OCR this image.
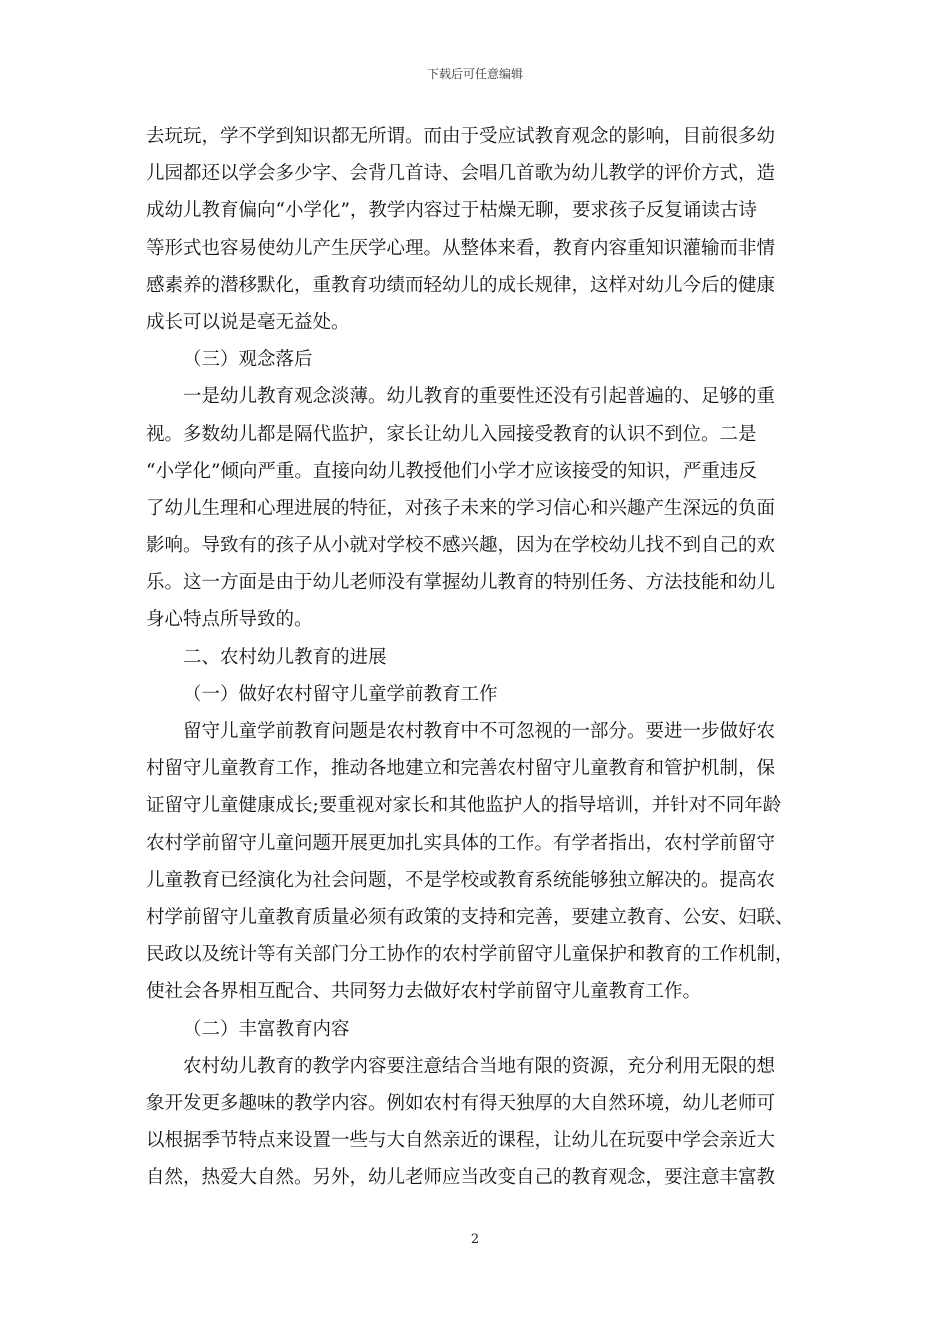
下载后可任意编辑
去玩玩，学不学到知识都无所谓。而由于受应试教育观念的影响，目前很多幼
儿园都还以学会多少字、会背几首诗、会唱几首歌为幼儿教学的评价方式，造
成幼儿教育偏向“小学化”，教学内容过于枯燥无聊，要求孩子反复诵读古诗
等形式也容易使幼儿产生厌学心理。从整体来看，教育内容重知识灌输而非情
感素养的潜移默化，重教育功绩而轻幼儿的成长规律，这样对幼儿今后的健康
成长可以说是毫无益处。
（三）观念落后
一是幼儿教育观念淡薄。幼儿教育的重要性还没有引起普遍的、足够的重
视。多数幼儿都是隔代监护，家长让幼儿入园接受教育的认识不到位。二是
“小学化”倾向严重。直接向幼儿教授他们小学才应该接受的知识，严重违反
了幼儿生理和心理进展的特征，对孩子未来的学习信心和兴趣产生深远的负面
影响。导致有的孩子从小就对学校不感兴趣，因为在学校幼儿找不到自己的欢
乐。这一方面是由于幼儿老师没有掌握幼儿教育的特别任务、方法技能和幼儿
身心特点所导致的。
二、农村幼儿教育的进展
（一）做好农村留守儿童学前教育工作
留守儿童学前教育问题是农村教育中不可忽视的一部分。要进一步做好农
村留守儿童教育工作，推动各地建立和完善农村留守儿童教育和管护机制，保
证留守儿童健康成长;要重视对家长和其他监护人的指导培训，并针对不同年龄
农村学前留守儿童问题开展更加扎实具体的工作。有学者指出，农村学前留守
儿童教育已经演化为社会问题，不是学校或教育系统能够独立解决的。提高农
村学前留守儿童教育质量必须有政策的支持和完善，要建立教育、公安、妇联、
民政以及统计等有关部门分工协作的农村学前留守儿童保护和教育的工作机制，
使社会各界相互配合、共同努力去做好农村学前留守儿童教育工作。
（二）丰富教育内容
农村幼儿教育的教学内容要注意结合当地有限的资源，充分利用无限的想
象开发更多趣味的教学内容。例如农村有得天独厚的大自然环境，幼儿老师可
以根据季节特点来设置一些与大自然亲近的课程，让幼儿在玩耍中学会亲近大
自然，热爱大自然。另外，幼儿老师应当改变自己的教育观念，要注意丰富教
2
